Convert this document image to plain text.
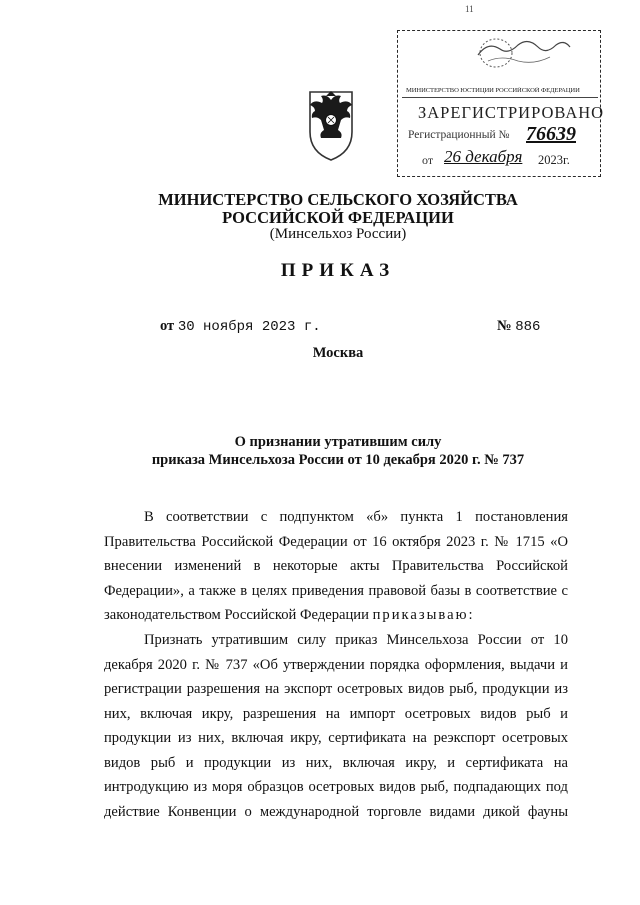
11
МИНИСТЕРСТВО ЮСТИЦИИ РОССИЙСКОЙ ФЕДЕРАЦИИ
ЗАРЕГИСТРИРОВАНО
Регистрационный № 76639
от 26 декабря 2023г.
МИНИСТЕРСТВО СЕЛЬСКОГО ХОЗЯЙСТВА
РОССИЙСКОЙ ФЕДЕРАЦИИ
(Минсельхоз России)
ПРИКАЗ
от 30 ноября 2023 г.	№ 886
Москва
О признании утратившим силу
приказа Минсельхоза России от 10 декабря 2020 г. № 737
В соответствии с подпунктом «б» пункта 1 постановления Правительства Российской Федерации от 16 октября 2023 г. № 1715 «О внесении изменений в некоторые акты Правительства Российской Федерации», а также в целях приведения правовой базы в соответствие с законодательством Российской Федерации приказываю:
Признать утратившим силу приказ Минсельхоза России от 10 декабря 2020 г. № 737 «Об утверждении порядка оформления, выдачи и регистрации разрешения на экспорт осетровых видов рыб, продукции из них, включая икру, разрешения на импорт осетровых видов рыб и продукции из них, включая икру, сертификата на реэкспорт осетровых видов рыб и продукции из них, включая икру, и сертификата на интродукцию из моря образцов осетровых видов рыб, подпадающих под действие Конвенции о международной торговле видами дикой фауны
